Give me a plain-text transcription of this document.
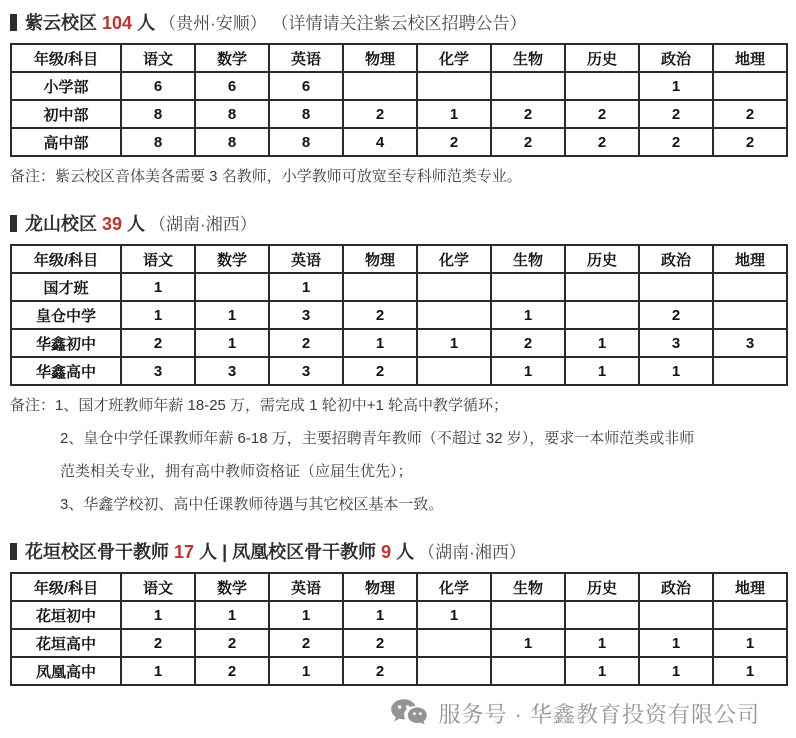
紫云校区 104 人 （贵州·安顺） （详情请关注紫云校区招聘公告）
年级/科目	语文	数学	英语	物理	化学	生物	历史	政治	地理
小学部	6	6	6					1	
初中部	8	8	8	2	1	2	2	2	2
高中部	8	8	8	4	2	2	2	2	2

备注：紫云校区音体美各需要 3 名教师，小学教师可放宽至专科师范类专业。

龙山校区 39 人 （湖南·湘西）
年级/科目	语文	数学	英语	物理	化学	生物	历史	政治	地理
国才班	1		1						
皇仓中学	1	1	3	2		1		2	
华鑫初中	2	1	2	1	1	2	1	3	3
华鑫高中	3	3	3	2		1	1	1	

备注：1、国才班教师年薪 18-25 万，需完成 1 轮初中+1 轮高中教学循环；

2、皇仓中学任课教师年薪 6-18 万，主要招聘青年教师（不超过 32 岁），要求一本师范类或非师

范类相关专业，拥有高中教师资格证（应届生优先）；

3、华鑫学校初、高中任课教师待遇与其它校区基本一致。

花垣校区骨干教师 17 人 | 凤凰校区骨干教师 9 人 （湖南·湘西）
年级/科目	语文	数学	英语	物理	化学	生物	历史	政治	地理
花垣初中	1	1	1	1	1				
花垣高中	2	2	2	2		1	1	1	1
凤凰高中	1	2	1	2			1	1	1
服务号 · 华鑫教育投资有限公司
